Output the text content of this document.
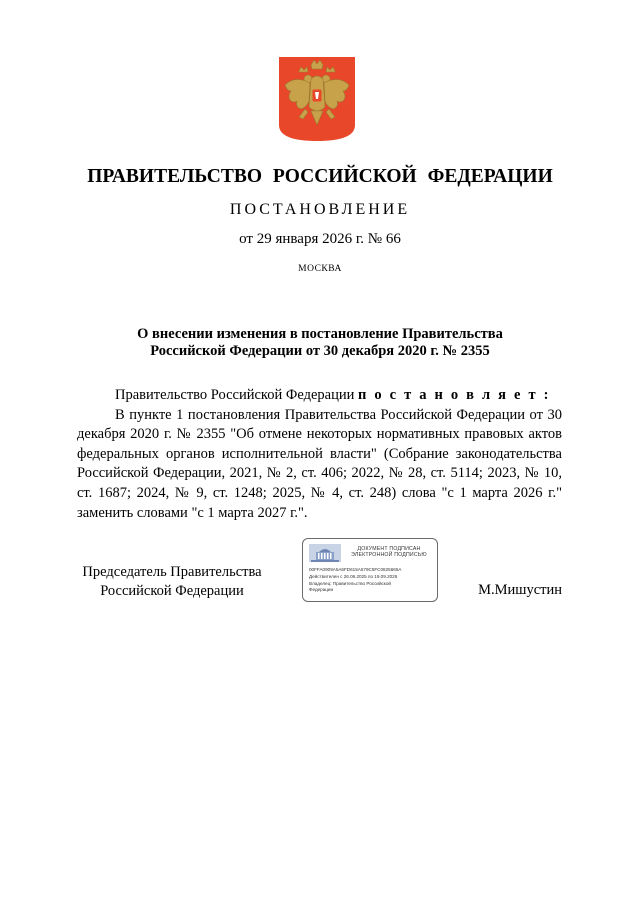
ПРАВИТЕЛЬСТВО РОССИЙСКОЙ ФЕДЕРАЦИИ
ПОСТАНОВЛЕНИЕ
от 29 января 2026 г. № 66
МОСКВА
О внесении изменения в постановление Правительства
Российской Федерации от 30 декабря 2020 г. № 2355

Правительство Российской Федерации п о с т а н о в л я е т :

В пункте 1 постановления Правительства Российской Федерации от 30 декабря 2020 г. № 2355 "Об отмене некоторых нормативных правовых актов федеральных органов исполнительной власти" (Собрание законодательства Российской Федерации, 2021, № 2, ст. 406; 2022, № 28, ст. 5114; 2023, № 10, ст. 1687; 2024, № 9, ст. 1248; 2025, № 4, ст. 248) слова "с 1 марта 2026 г." заменить словами "с 1 марта 2027 г.".

Председатель Правительства
Российской Федерации
ДОКУМЕНТ ПОДПИСАН
ЭЛЕКТРОННОЙ ПОДПИСЬЮ
00FFA0909A5A6FD615A579C5FC0825665A
Действителен с 26.06.2025 по 19.09.2026
Владелец: Правительство Российской
Федерации	М.Мишустин
